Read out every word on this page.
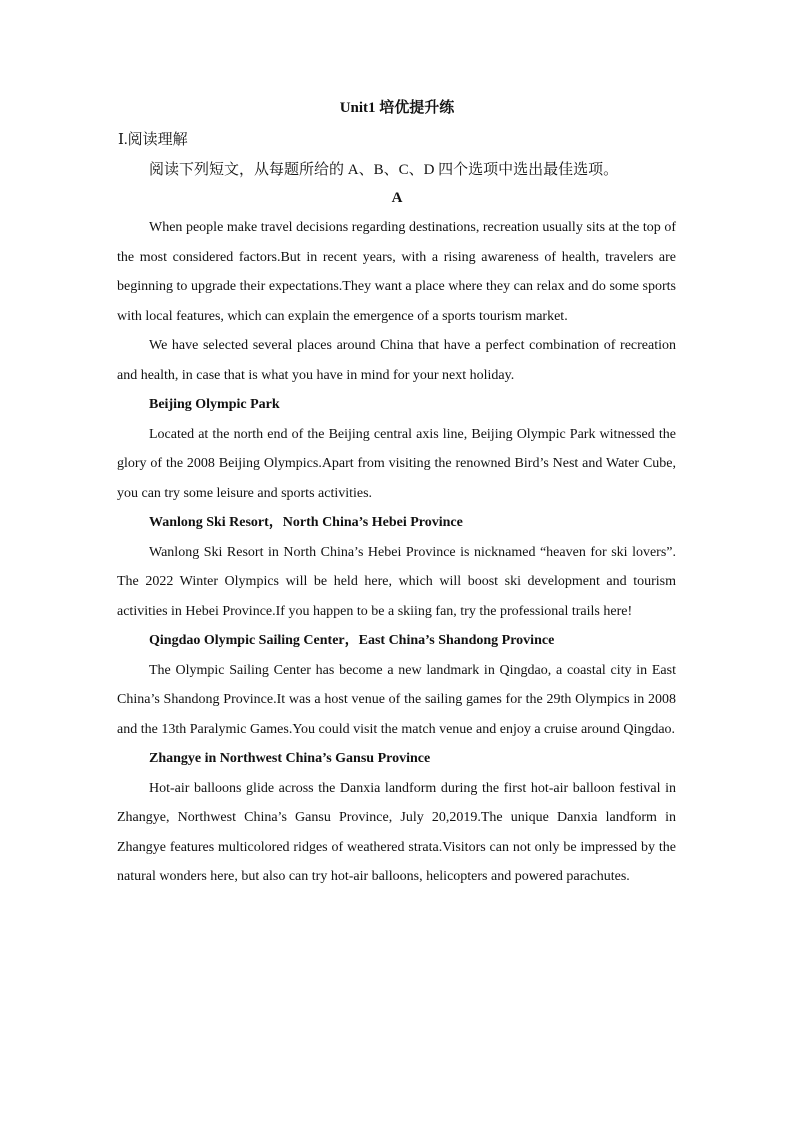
Unit1 培优提升练
Ⅰ.阅读理解
阅读下列短文，从每题所给的 A、B、C、D 四个选项中选出最佳选项。
A

When people make travel decisions regarding destinations, recreation usually sits at the top of the most considered factors.But in recent years, with a rising awareness of health, travelers are beginning to upgrade their expectations.They want a place where they can relax and do some sports with local features, which can explain the emergence of a sports tourism market.

We have selected several places around China that have a perfect combination of recreation and health, in case that is what you have in mind for your next holiday.

Beijing Olympic Park

Located at the north end of the Beijing central axis line, Beijing Olympic Park witnessed the glory of the 2008 Beijing Olympics.Apart from visiting the renowned Bird’s Nest and Water Cube, you can try some leisure and sports activities.

Wanlong Ski Resort，North China’s Hebei Province

Wanlong Ski Resort in North China’s Hebei Province is nicknamed “heaven for ski lovers”. The 2022 Winter Olympics will be held here, which will boost ski development and tourism activities in Hebei Province.If you happen to be a skiing fan, try the professional trails here!

Qingdao Olympic Sailing Center，East China’s Shandong Province

The Olympic Sailing Center has become a new landmark in Qingdao, a coastal city in East China’s Shandong Province.It was a host venue of the sailing games for the 29th Olympics in 2008 and the 13th Paralymic Games.You could visit the match venue and enjoy a cruise around Qingdao.

Zhangye in Northwest China’s Gansu Province

Hot-air balloons glide across the Danxia landform during the first hot-air balloon festival in Zhangye, Northwest China’s Gansu Province, July 20,2019.The unique Danxia landform in Zhangye features multicolored ridges of weathered strata.Visitors can not only be impressed by the natural wonders here, but also can try hot-air balloons, helicopters and powered parachutes.
